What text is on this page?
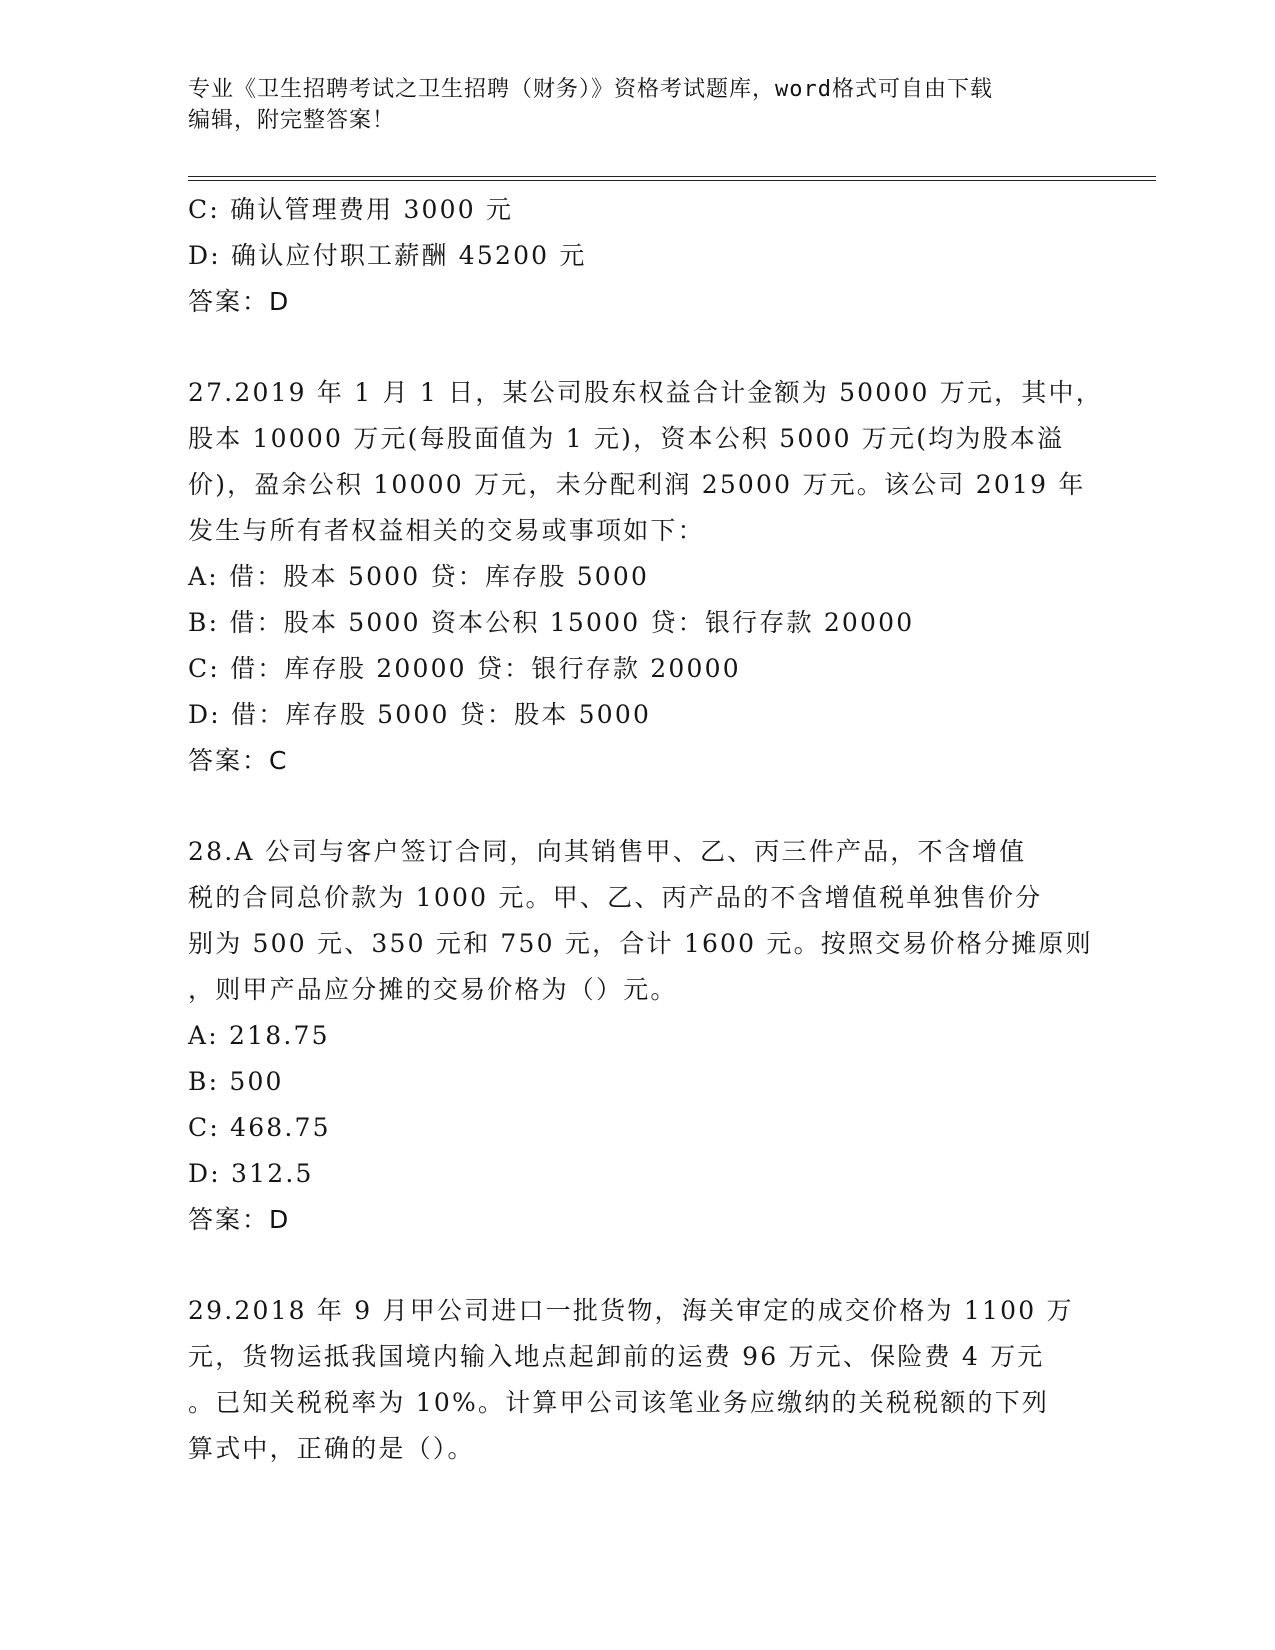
专业《卫生招聘考试之卫生招聘（财务）》资格考试题库，word格式可自由下载
编辑，附完整答案！
C: 确认管理费用 3000 元
D: 确认应付职工薪酬 45200 元
答案：D
27.2019 年 1 月 1 日，某公司股东权益合计金额为 50000 万元，其中，
股本 10000 万元(每股面值为 1 元)，资本公积 5000 万元(均为股本溢
价)，盈余公积 10000 万元，未分配利润 25000 万元。该公司 2019 年
发生与所有者权益相关的交易或事项如下：
A: 借：股本 5000 贷：库存股 5000
B: 借：股本 5000 资本公积 15000 贷：银行存款 20000
C: 借：库存股 20000 贷：银行存款 20000
D: 借：库存股 5000 贷：股本 5000
答案：C
28.A 公司与客户签订合同，向其销售甲、乙、丙三件产品，不含增值
税的合同总价款为 1000 元。甲、乙、丙产品的不含增值税单独售价分
别为 500 元、350 元和 750 元，合计 1600 元。按照交易价格分摊原则
，则甲产品应分摊的交易价格为（）元。
A: 218.75
B: 500
C: 468.75
D: 312.5
答案：D
29.2018 年 9 月甲公司进口一批货物，海关审定的成交价格为 1100 万
元，货物运抵我国境内输入地点起卸前的运费 96 万元、保险费 4 万元
。已知关税税率为 10%。计算甲公司该笔业务应缴纳的关税税额的下列
算式中，正确的是（）。
